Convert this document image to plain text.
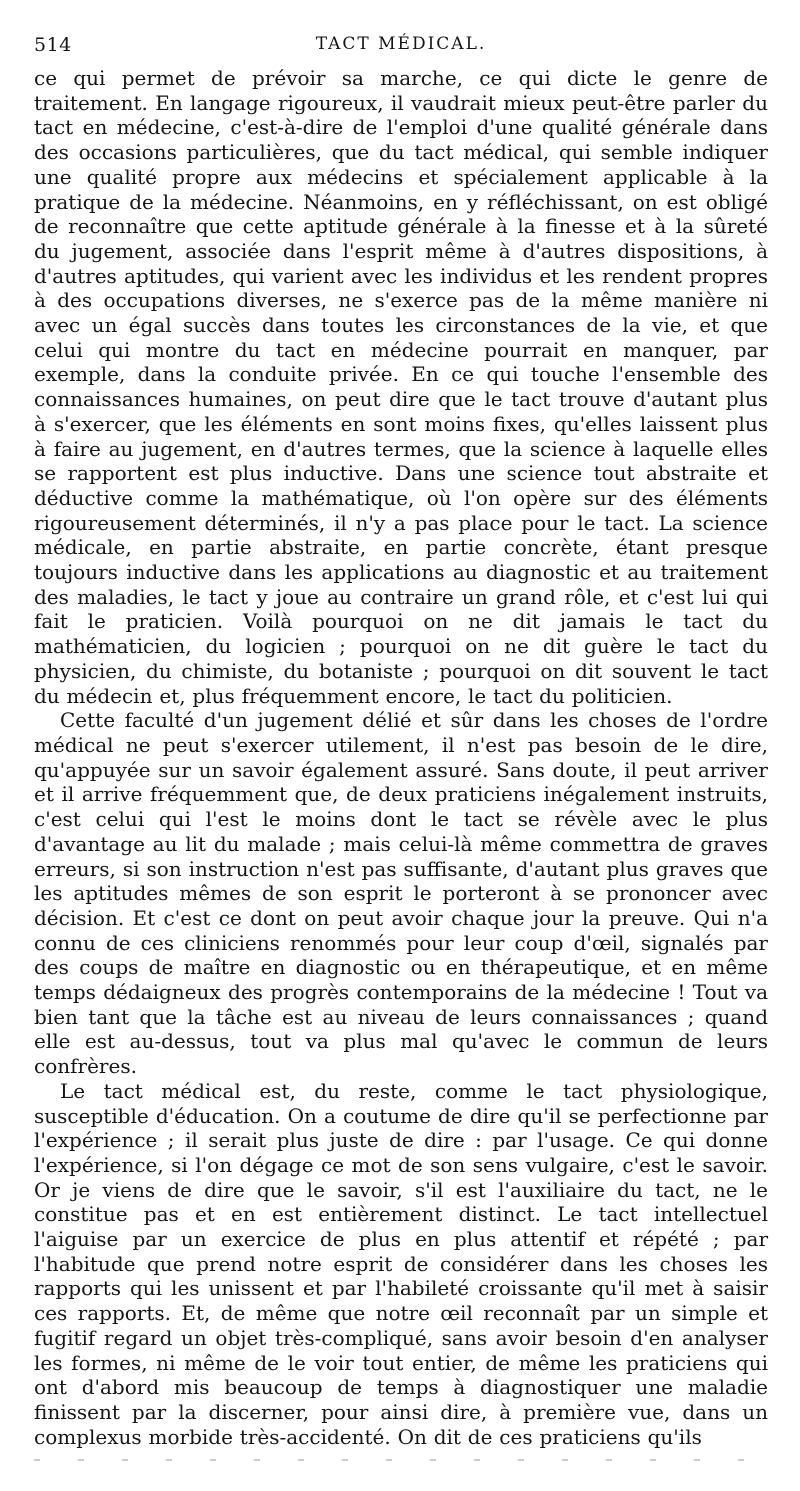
514	TACT MÉDICAL.

ce qui permet de prévoir sa marche, ce qui dicte le genre de traitement. En langage rigoureux, il vaudrait mieux peut-être parler du tact en médecine, c'est-à-dire de l'emploi d'une qualité générale dans des occasions particulières, que du tact médical, qui semble indiquer une qualité propre aux médecins et spécialement applicable à la pratique de la médecine. Néanmoins, en y réfléchissant, on est obligé de reconnaître que cette aptitude générale à la finesse et à la sûreté du jugement, associée dans l'esprit même à d'autres dispositions, à d'autres aptitudes, qui varient avec les individus et les rendent propres à des occupations diverses, ne s'exerce pas de la même manière ni avec un égal succès dans toutes les circonstances de la vie, et que celui qui montre du tact en médecine pourrait en manquer, par exemple, dans la conduite privée. En ce qui touche l'ensemble des connaissances humaines, on peut dire que le tact trouve d'autant plus à s'exercer, que les éléments en sont moins fixes, qu'elles laissent plus à faire au jugement, en d'autres termes, que la science à laquelle elles se rapportent est plus inductive. Dans une science tout abstraite et déductive comme la mathématique, où l'on opère sur des éléments rigoureusement déterminés, il n'y a pas place pour le tact. La science médicale, en partie abstraite, en partie concrète, étant presque toujours inductive dans les applications au diagnostic et au traitement des maladies, le tact y joue au contraire un grand rôle, et c'est lui qui fait le praticien. Voilà pourquoi on ne dit jamais le tact du mathématicien, du logicien ; pourquoi on ne dit guère le tact du physicien, du chimiste, du botaniste ; pourquoi on dit souvent le tact du médecin et, plus fréquemment encore, le tact du politicien.

Cette faculté d'un jugement délié et sûr dans les choses de l'ordre médical ne peut s'exercer utilement, il n'est pas besoin de le dire, qu'appuyée sur un savoir également assuré. Sans doute, il peut arriver et il arrive fréquemment que, de deux praticiens inégalement instruits, c'est celui qui l'est le moins dont le tact se révèle avec le plus d'avantage au lit du malade ; mais celui-là même commettra de graves erreurs, si son instruction n'est pas suffisante, d'autant plus graves que les aptitudes mêmes de son esprit le porteront à se prononcer avec décision. Et c'est ce dont on peut avoir chaque jour la preuve. Qui n'a connu de ces cliniciens renommés pour leur coup d'œil, signalés par des coups de maître en diagnostic ou en thérapeutique, et en même temps dédaigneux des progrès contemporains de la médecine ! Tout va bien tant que la tâche est au niveau de leurs connaissances ; quand elle est au-dessus, tout va plus mal qu'avec le commun de leurs confrères.

Le tact médical est, du reste, comme le tact physiologique, susceptible d'éducation. On a coutume de dire qu'il se perfectionne par l'expérience ; il serait plus juste de dire : par l'usage. Ce qui donne l'expérience, si l'on dégage ce mot de son sens vulgaire, c'est le savoir. Or je viens de dire que le savoir, s'il est l'auxiliaire du tact, ne le constitue pas et en est entièrement distinct. Le tact intellectuel l'aiguise par un exercice de plus en plus attentif et répété ; par l'habitude que prend notre esprit de considérer dans les choses les rapports qui les unissent et par l'habileté croissante qu'il met à saisir ces rapports. Et, de même que notre œil reconnaît par un simple et fugitif regard un objet très-compliqué, sans avoir besoin d'en analyser les formes, ni même de le voir tout entier, de même les praticiens qui ont d'abord mis beaucoup de temps à diagnostiquer une maladie finissent par la discerner, pour ainsi dire, à première vue, dans un complexus morbide très-accidenté. On dit de ces praticiens qu'ils
